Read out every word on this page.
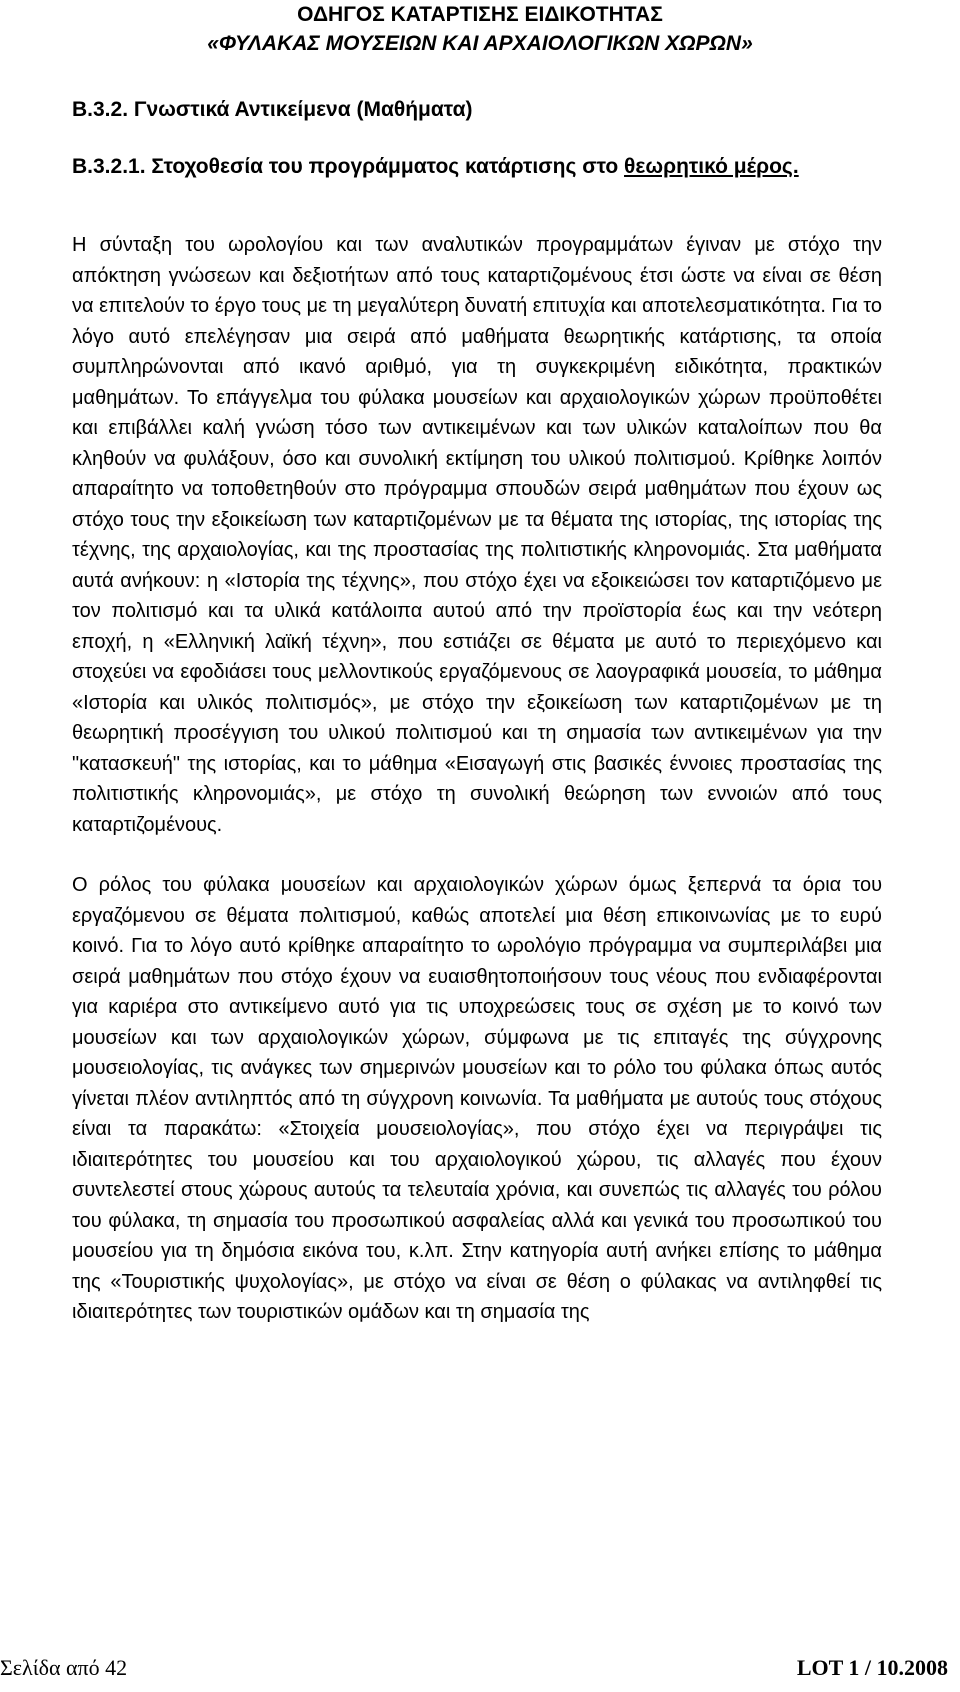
ΟΔΗΓΟΣ ΚΑΤΑΡΤΙΣΗΣ ΕΙΔΙΚΟΤΗΤΑΣ
«ΦΥΛΑΚΑΣ ΜΟΥΣΕΙΩΝ ΚΑΙ ΑΡΧΑΙΟΛΟΓΙΚΩΝ ΧΩΡΩΝ»
Β.3.2. Γνωστικά Αντικείμενα (Μαθήματα)
Β.3.2.1. Στοχοθεσία του προγράμματος κατάρτισης στο θεωρητικό μέρος.

Η σύνταξη του ωρολογίου και των αναλυτικών προγραμμάτων έγιναν με στόχο την απόκτηση γνώσεων και δεξιοτήτων από τους καταρτιζομένους έτσι ώστε να είναι σε θέση να επιτελούν το έργο τους με τη μεγαλύτερη δυνατή επιτυχία και αποτελεσματικότητα. Για το λόγο αυτό επελέγησαν μια σειρά από μαθήματα θεωρητικής κατάρτισης, τα οποία συμπληρώνονται από ικανό αριθμό, για τη συγκεκριμένη ειδικότητα, πρακτικών μαθημάτων. Το επάγγελμα του φύλακα μουσείων και αρχαιολογικών χώρων προϋποθέτει και επιβάλλει καλή γνώση τόσο των αντικειμένων και των υλικών καταλοίπων που θα κληθούν να φυλάξουν, όσο και συνολική εκτίμηση του υλικού πολιτισμού. Κρίθηκε λοιπόν απαραίτητο να τοποθετηθούν στο πρόγραμμα σπουδών σειρά μαθημάτων που έχουν ως στόχο τους την εξοικείωση των καταρτιζομένων με τα θέματα της ιστορίας, της ιστορίας της τέχνης, της αρχαιολογίας, και της προστασίας της πολιτιστικής κληρονομιάς. Στα μαθήματα αυτά ανήκουν: η «Ιστορία της τέχνης», που στόχο έχει να εξοικειώσει τον καταρτιζόμενο με τον πολιτισμό και τα υλικά κατάλοιπα αυτού από την προϊστορία έως και την νεότερη εποχή, η «Ελληνική λαϊκή τέχνη», που εστιάζει σε θέματα με αυτό το περιεχόμενο και στοχεύει να εφοδιάσει τους μελλοντικούς εργαζόμενους σε λαογραφικά μουσεία, το μάθημα «Ιστορία και υλικός πολιτισμός», με στόχο την εξοικείωση των καταρτιζομένων με τη θεωρητική προσέγγιση του υλικού πολιτισμού και τη σημασία των αντικειμένων για την "κατασκευή" της ιστορίας, και το μάθημα «Εισαγωγή στις βασικές έννοιες προστασίας της πολιτιστικής κληρονομιάς», με στόχο τη συνολική θεώρηση των εννοιών από τους καταρτιζομένους.

Ο ρόλος του φύλακα μουσείων και αρχαιολογικών χώρων όμως ξεπερνά τα όρια του εργαζόμενου σε θέματα πολιτισμού, καθώς αποτελεί μια θέση επικοινωνίας με το ευρύ κοινό. Για το λόγο αυτό κρίθηκε απαραίτητο το ωρολόγιο πρόγραμμα να συμπεριλάβει μια σειρά μαθημάτων που στόχο έχουν να ευαισθητοποιήσουν τους νέους που ενδιαφέρονται για καριέρα στο αντικείμενο αυτό για τις υποχρεώσεις τους σε σχέση με το κοινό των μουσείων και των αρχαιολογικών χώρων, σύμφωνα με τις επιταγές της σύγχρονης μουσειολογίας, τις ανάγκες των σημερινών μουσείων και το ρόλο του φύλακα όπως αυτός γίνεται πλέον αντιληπτός από τη σύγχρονη κοινωνία. Τα μαθήματα με αυτούς τους στόχους είναι τα παρακάτω: «Στοιχεία μουσειολογίας», που στόχο έχει να περιγράψει τις ιδιαιτερότητες του μουσείου και του αρχαιολογικού χώρου, τις αλλαγές που έχουν συντελεστεί στους χώρους αυτούς τα τελευταία χρόνια, και συνεπώς τις αλλαγές του ρόλου του φύλακα, τη σημασία του προσωπικού ασφαλείας αλλά και γενικά του προσωπικού του μουσείου για τη δημόσια εικόνα του, κ.λπ. Στην κατηγορία αυτή ανήκει επίσης το μάθημα της «Τουριστικής ψυχολογίας», με στόχο να είναι σε θέση ο φύλακας να αντιληφθεί τις ιδιαιτερότητες των τουριστικών ομάδων και τη σημασία της

Σελίδα από 42	LOT 1 / 10.2008
